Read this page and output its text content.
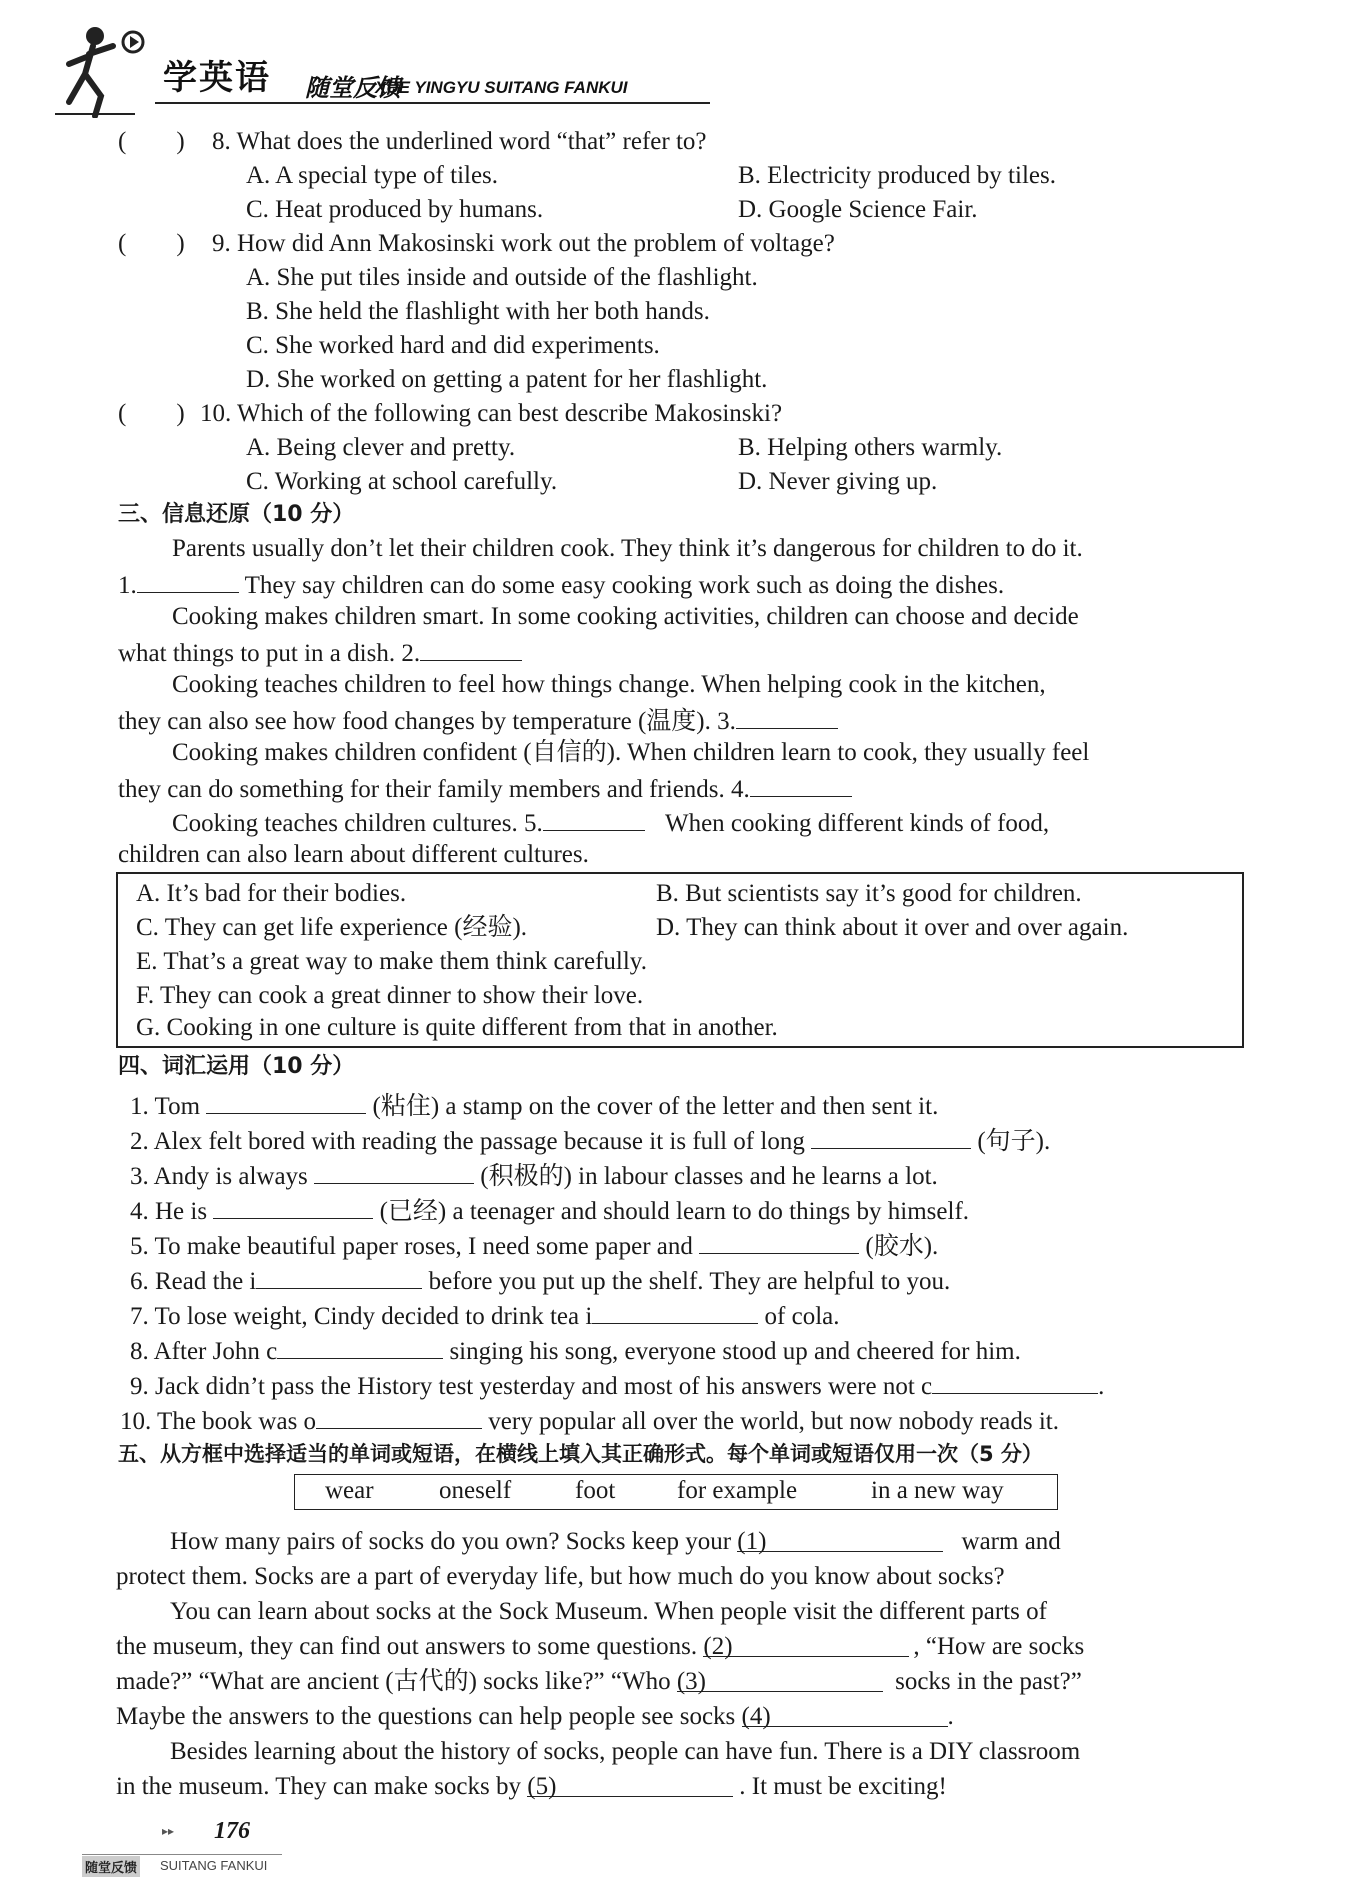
学英语 随堂反馈
XUE YINGYU SUITANG FANKUI
(　　) 8. What does the underlined word “that” refer to?
A. A special type of tiles.	B. Electricity produced by tiles.
C. Heat produced by humans.	D. Google Science Fair.
(　　) 9. How did Ann Makosinski work out the problem of voltage?
A. She put tiles inside and outside of the flashlight.
B. She held the flashlight with her both hands.
C. She worked hard and did experiments.
D. She worked on getting a patent for her flashlight.
(　　) 10. Which of the following can best describe Makosinski?
A. Being clever and pretty.	B. Helping others warmly.
C. Working at school carefully.	D. Never giving up.
三、信息还原（10 分）
Parents usually don’t let their children cook. They think it’s dangerous for children to do it.
1.	They say children can do some easy cooking work such as doing the dishes.
Cooking makes children smart. In some cooking activities, children can choose and decide
what things to put in a dish. 2.
Cooking teaches children to feel how things change. When helping cook in the kitchen,
they can also see how food changes by temperature (温度). 3.
Cooking makes children confident (自信的). When children learn to cook, they usually feel
they can do something for their family members and friends. 4.
Cooking teaches children cultures. 5.	When cooking different kinds of food,
children can also learn about different cultures.
A. It’s bad for their bodies.	B. But scientists say it’s good for children.
C. They can get life experience (经验).	D. They can think about it over and over again.
E. That’s a great way to make them think carefully.
F. They can cook a great dinner to show their love.
G. Cooking in one culture is quite different from that in another.
四、词汇运用（10 分）
1. Tom	(粘住) a stamp on the cover of the letter and then sent it.
2. Alex felt bored with reading the passage because it is full of long	(句子).
3. Andy is always	(积极的) in labour classes and he learns a lot.
4. He is	(已经) a teenager and should learn to do things by himself.
5. To make beautiful paper roses, I need some paper and	(胶水).
6. Read the i	before you put up the shelf. They are helpful to you.
7. To lose weight, Cindy decided to drink tea i	of cola.
8. After John c	singing his song, everyone stood up and cheered for him.
9. Jack didn’t pass the History test yesterday and most of his answers were not c	.
10. The book was o	very popular all over the world, but now nobody reads it.
五、从方框中选择适当的单词或短语，在横线上填入其正确形式。每个单词或短语仅用一次（5 分）
wear	oneself	foot for example	in a new way
How many pairs of socks do you own? Socks keep your (1)	warm and
protect them. Socks are a part of everyday life, but how much do you know about socks?
You can learn about socks at the Sock Museum. When people visit the different parts of
the museum, they can find out answers to some questions. (2)	, “How are socks
made?” “What are ancient (古代的) socks like?” “Who (3)	socks in the past?”
Maybe the answers to the questions can help people see socks (4)	.
Besides learning about the history of socks, people can have fun. There is a DIY classroom
in the museum. They can make socks by (5)	. It must be exciting!
▸▸ 176
随堂反馈 SUITANG FANKUI
